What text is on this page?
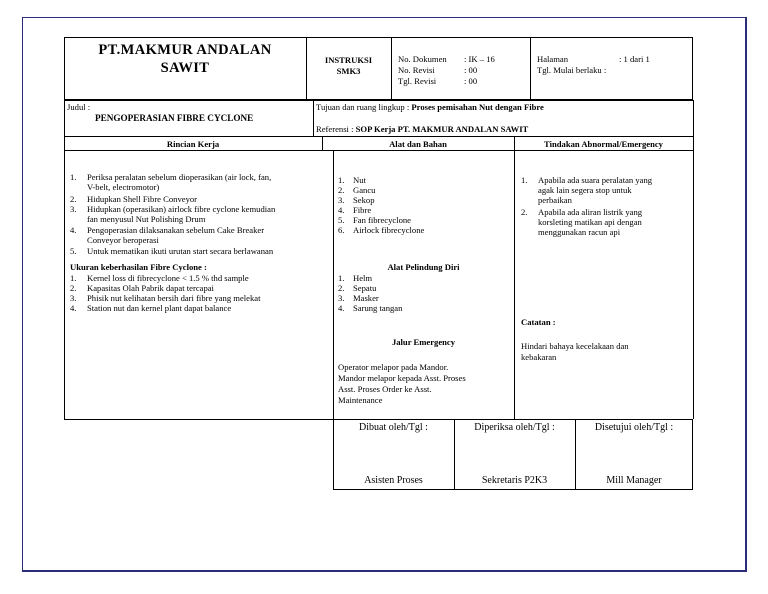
PT.MAKMUR ANDALAN
SAWIT	INSTRUKSI
SMK3
No. Dokumen : IK – 16
No. Revisi	: 00
Tgl. Revisi	: 00
Halaman	: 1 dari 1
Tgl. Mulai berlaku :
Judul :
PENGOPERASIAN FIBRE CYCLONE
Tujuan dan ruang lingkup : Proses pemisahan Nut dengan Fibre
Referensi : SOP Kerja PT. MAKMUR ANDALAN SAWIT
Rincian Kerja	Alat dan Bahan	Tindakan Abnormal/Emergency
1. Periksa peralatan sebelum dioperasikan (air lock, fan,
V-belt, electromotor)
2. Hidupkan Shell Fibre Conveyor
3. Hidupkan (operasikan) airlock fibre cyclone kemudian
fan menyusul Nut Polishing Drum
4. Pengoperasian dilaksanakan sebelum Cake Breaker
Conveyor beroperasi
5. Untuk mematikan ikuti urutan start secara berlawanan
Ukuran keberhasilan Fibre Cyclone :
1. Kernel loss di fibrecyclone < 1.5 % thd sample
2. Kapasitas Olah Pabrik dapat tercapai
3. Phisik nut kelihatan bersih dari fibre yang melekat
4. Station nut dan kernel plant dapat balance
1. Nut
2. Gancu
3. Sekop
4. Fibre
5. Fan fibrecyclone
6. Airlock fibrecyclone
Alat Pelindung Diri
1. Helm
2. Sepatu
3. Masker
4. Sarung tangan
Jalur Emergency
Operator melapor pada Mandor.
Mandor melapor kepada Asst. Proses
Asst. Proses Order ke Asst.
Maintenance
1. Apabila ada suara peralatan yang
agak lain segera stop untuk
perbaikan
2. Apabila ada aliran listrik yang
korsleting matikan api dengan
menggunakan racun api
Catatan :
Hindari bahaya kecelakaan dan
kebakaran
Dibuat oleh/Tgl :	Diperiksa oleh/Tgl :	Disetujui oleh/Tgl :
Asisten Proses	Sekretaris P2K3	Mill Manager
